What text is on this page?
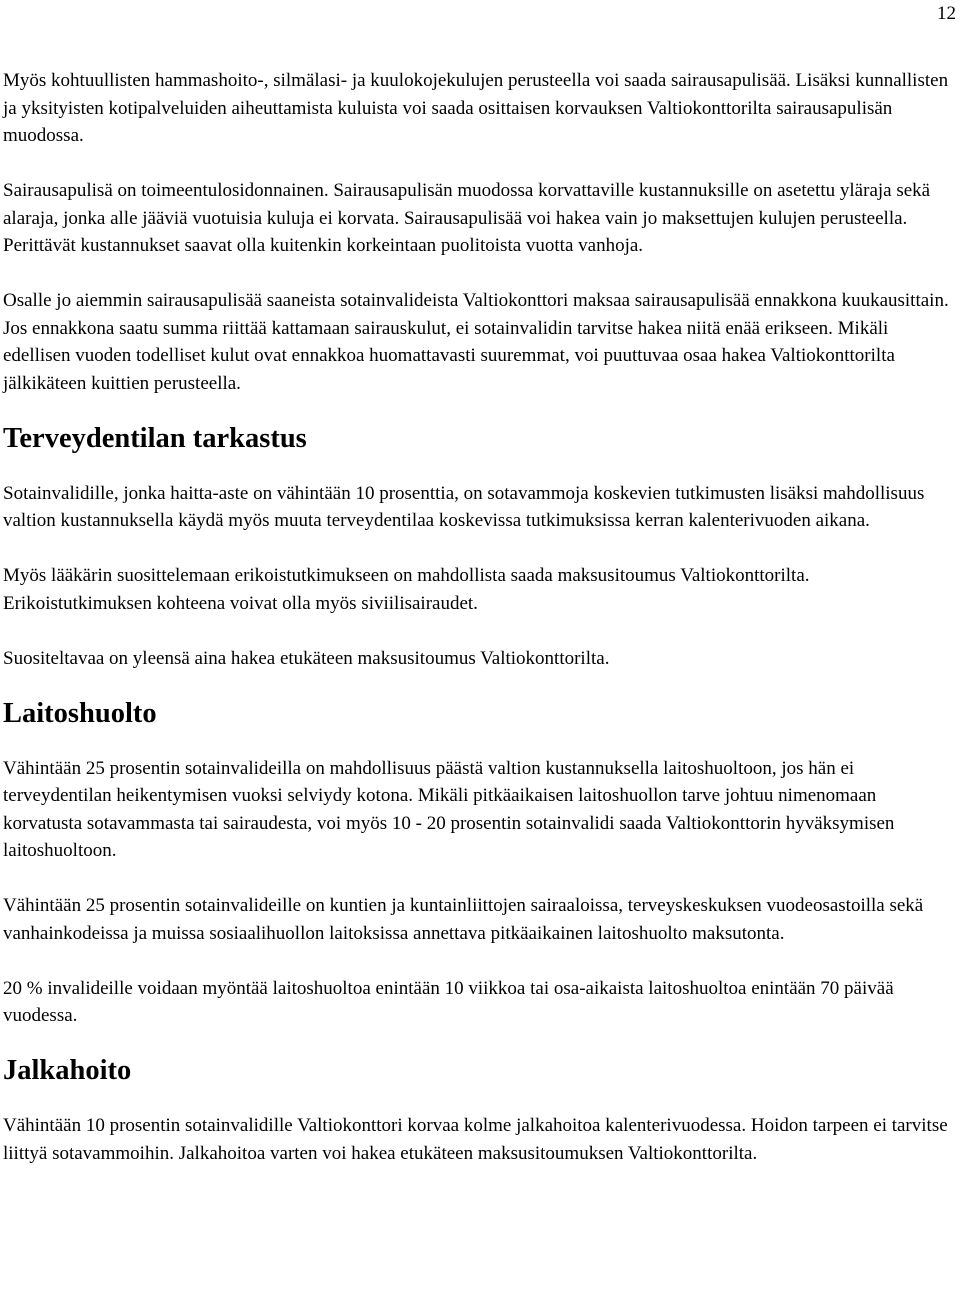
12

Myös kohtuullisten hammashoito-, silmälasi- ja kuulokojekulujen perusteella voi saada sairausapulisää. Lisäksi kunnallisten ja yksityisten kotipalveluiden aiheuttamista kuluista voi saada osittaisen korvauksen Valtiokonttorilta sairausapulisän muodossa.

Sairausapulisä on toimeentulosidonnainen. Sairausapulisän muodossa korvattaville kustannuksille on asetettu yläraja sekä alaraja, jonka alle jääviä vuotuisia kuluja ei korvata. Sairausapulisää voi hakea vain jo maksettujen kulujen perusteella. Perittävät kustannukset saavat olla kuitenkin korkeintaan puolitoista vuotta vanhoja.

Osalle jo aiemmin sairausapulisää saaneista sotainvalideista Valtiokonttori maksaa sairausapulisää ennakkona kuukausittain. Jos ennakkona saatu summa riittää kattamaan sairauskulut, ei sotainvalidin tarvitse hakea niitä enää erikseen. Mikäli edellisen vuoden todelliset kulut ovat ennakkoa huomattavasti suuremmat, voi puuttuvaa osaa hakea Valtiokonttorilta jälkikäteen kuittien perusteella.

Terveydentilan tarkastus

Sotainvalidille, jonka haitta-aste on vähintään 10 prosenttia, on sotavammoja koskevien tutkimusten lisäksi mahdollisuus valtion kustannuksella käydä myös muuta terveydentilaa koskevissa tutkimuksissa kerran kalenterivuoden aikana.

Myös lääkärin suosittelemaan erikoistutkimukseen on mahdollista saada maksusitoumus Valtiokonttorilta. Erikoistutkimuksen kohteena voivat olla myös siviilisairaudet.

Suositeltavaa on yleensä aina hakea etukäteen maksusitoumus Valtiokonttorilta.

Laitoshuolto

Vähintään 25 prosentin sotainvalideilla on mahdollisuus päästä valtion kustannuksella laitoshuoltoon, jos hän ei terveydentilan heikentymisen vuoksi selviydy kotona. Mikäli pitkäaikaisen laitoshuollon tarve johtuu nimenomaan korvatusta sotavammasta tai sairaudesta, voi myös 10 - 20 prosentin sotainvalidi saada Valtiokonttorin hyväksymisen laitoshuoltoon.

Vähintään 25 prosentin sotainvalideille on kuntien ja kuntainliittojen sairaaloissa, terveyskeskuksen vuodeosastoilla sekä vanhainkodeissa ja muissa sosiaalihuollon laitoksissa annettava pitkäaikainen laitoshuolto maksutonta.

20 % invalideille voidaan myöntää laitoshuoltoa enintään 10 viikkoa tai osa-aikaista laitoshuoltoa enintään 70 päivää vuodessa.

Jalkahoito

Vähintään 10 prosentin sotainvalidille Valtiokonttori korvaa kolme jalkahoitoa kalenterivuodessa. Hoidon tarpeen ei tarvitse liittyä sotavammoihin. Jalkahoitoa varten voi hakea etukäteen maksusitoumuksen Valtiokonttorilta.
